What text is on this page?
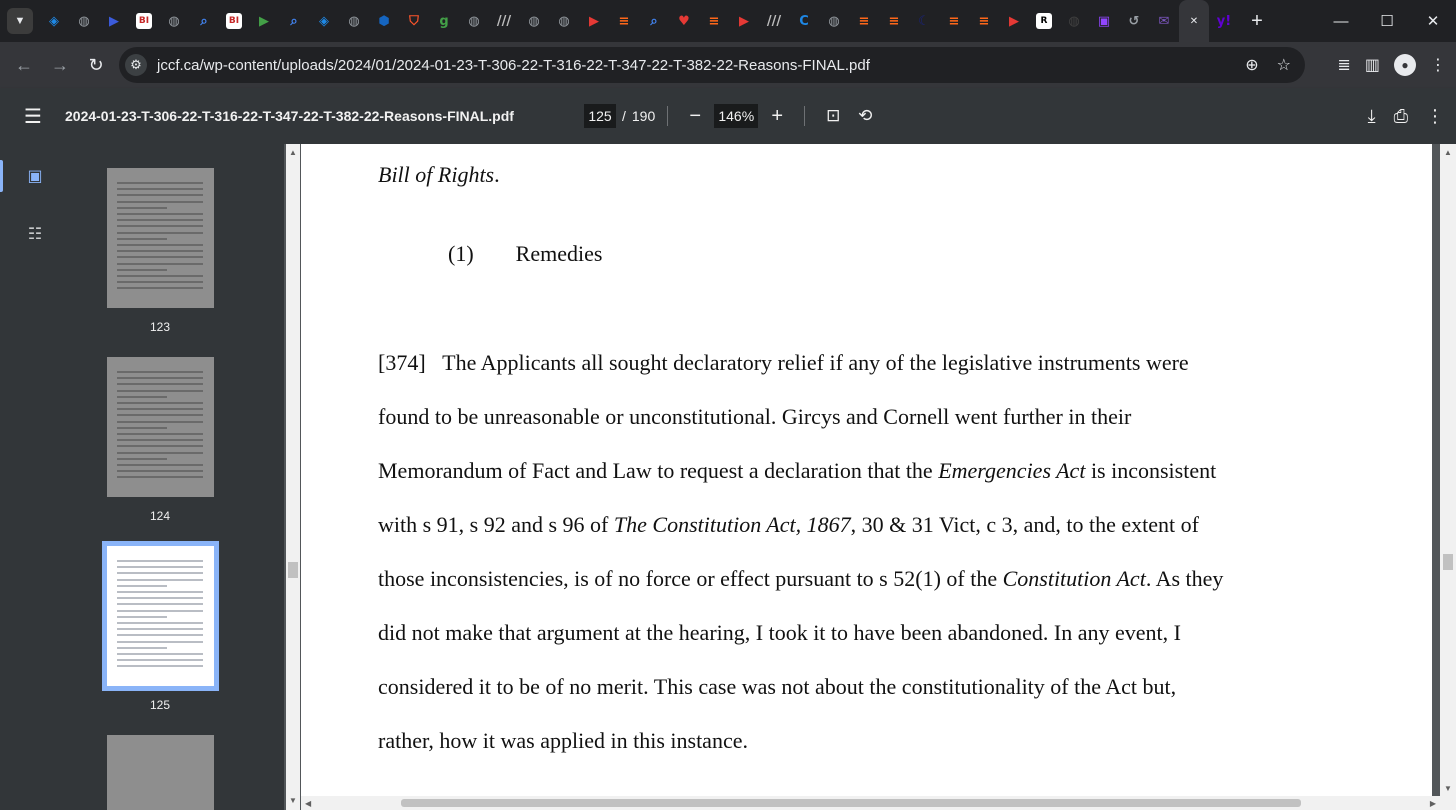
▼ ◈ ◍ ▶	BI ◍	⌕	BI ▶	⌕	◈ ◍ ⬢ ⛉ g ◍ /// ◍ ◍ ▶ ≡	⌕	♥ ≡ ▶ /// C ◍ ≡ ≡ ☾ ≡ ≡ ▶	R	◍ ▣ ↺ ✉	✕ y! +	—	☐	✕
← → ↻ ⚙ jccf.ca/wp-content/uploads/2024/01/2024-01-23-T-306-22-T-316-22-T-347-22-T-382-22-Reasons-FINAL.pdf	⊕ ☆	≣ ▥	●	⋮
☰	2024-01-23-T-306-22-T-316-22-T-347-22-T-382-22-Reasons-FINAL.pdf
125	/ 190	−
146%	+	⊡	⟲	⤓ ⎙ ⋮
▣
☷
123
124
125
▲
▼

Bill of Rights.

(1) Remedies

[374]   The Applicants all sought declaratory relief if any of the legislative instruments were

found to be unreasonable or unconstitutional. Gircys and Cornell went further in their

Memorandum of Fact and Law to request a declaration that the Emergencies Act is inconsistent

with s 91, s 92 and s 96 of The Constitution Act, 1867, 30 & 31 Vict, c 3, and, to the extent of

those inconsistencies, is of no force or effect pursuant to s 52(1) of the Constitution Act. As they

did not make that argument at the hearing, I took it to have been abandoned. In any event, I

considered it to be of no merit. This case was not about the constitutionality of the Act but,

rather, how it was applied in this instance.

◀	▶
▲
▼
